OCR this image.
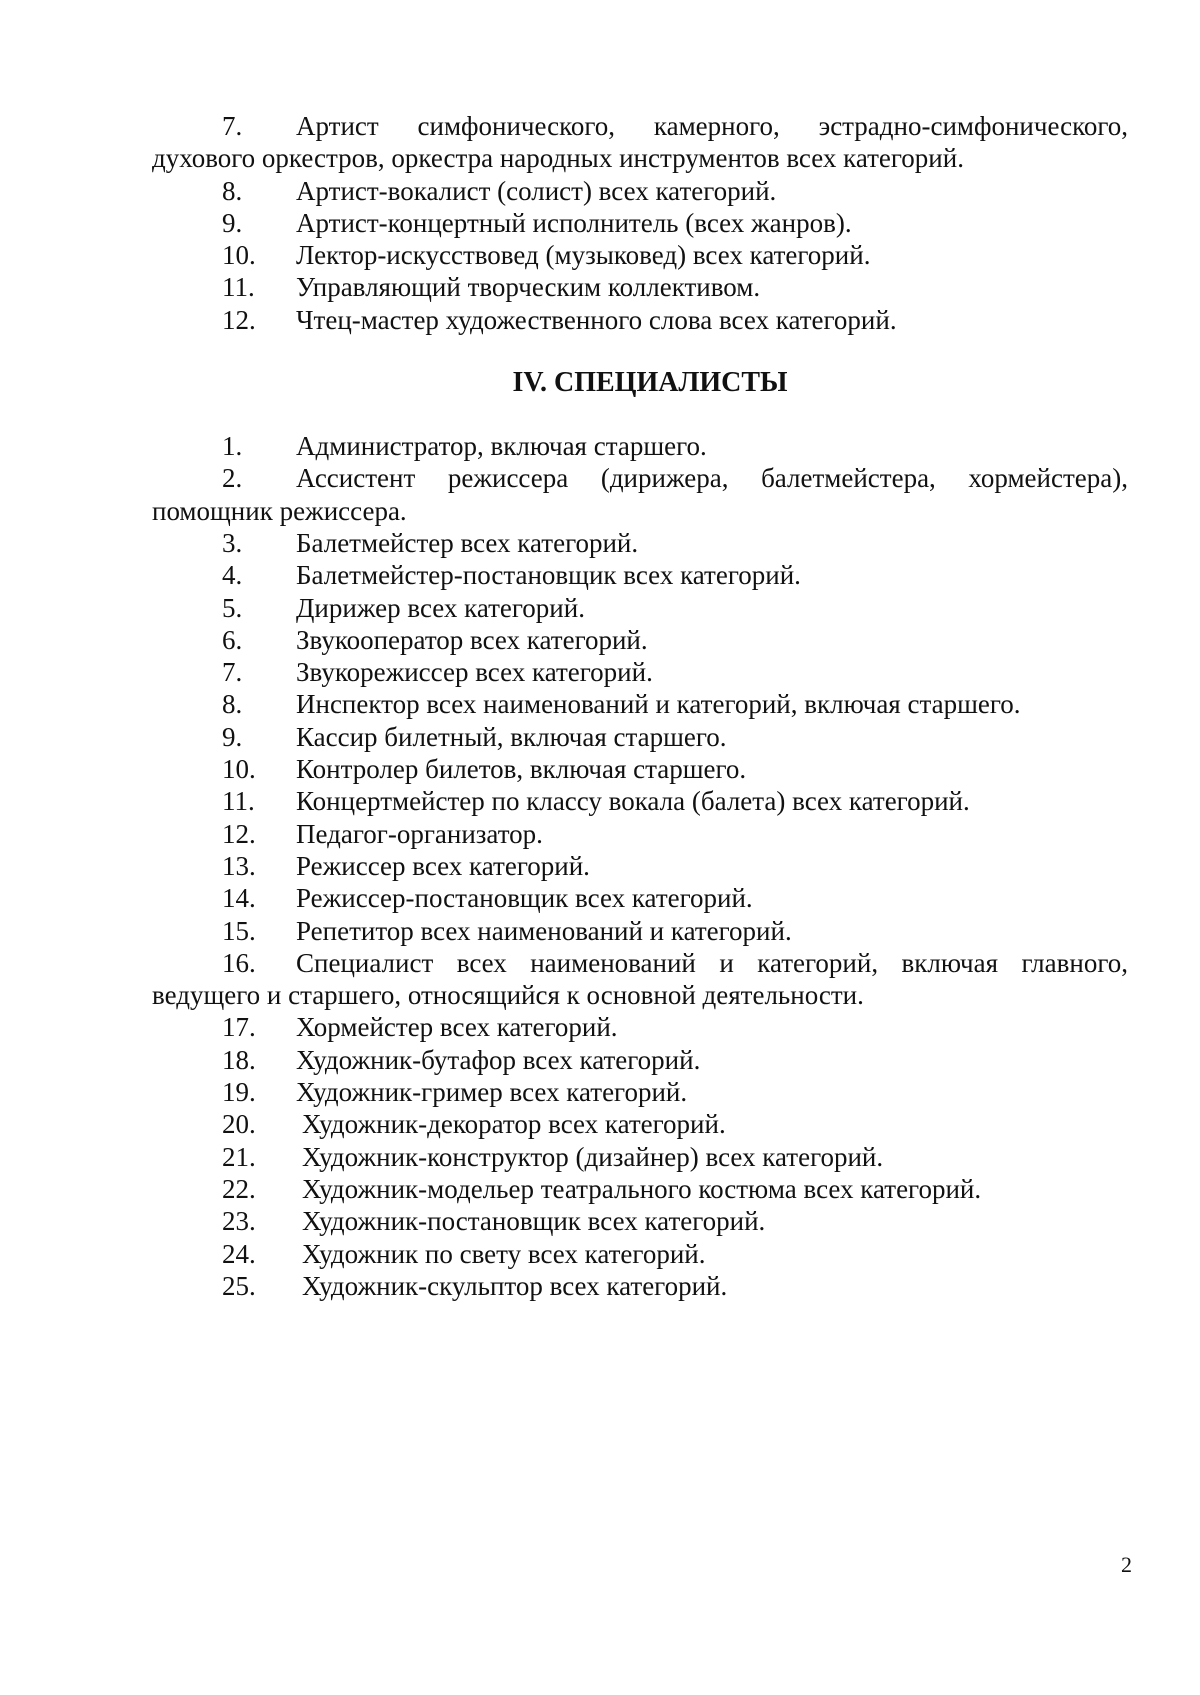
7.	Артист симфонического, камерного, эстрадно-симфонического,
духового оркестров, оркестра народных инструментов всех категорий.
8.	Артист-вокалист (солист) всех категорий.
9.	Артист-концертный исполнитель (всех жанров).
10.	Лектор-искусствовед (музыковед) всех категорий.
11.	Управляющий творческим коллективом.
12.	Чтец-мастер художественного слова всех категорий.
IV. СПЕЦИАЛИСТЫ
1.	Администратор, включая старшего.
2.	Ассистент режиссера (дирижера, балетмейстера, хормейстера),
помощник режиссера.
3.	Балетмейстер всех категорий.
4.	Балетмейстер-постановщик всех категорий.
5.	Дирижер всех категорий.
6.	Звукооператор всех категорий.
7.	Звукорежиссер всех категорий.
8.	Инспектор всех наименований и категорий, включая старшего.
9.	Кассир билетный, включая старшего.
10.	Контролер билетов, включая старшего.
11.	Концертмейстер по классу вокала (балета) всех категорий.
12.	Педагог-организатор.
13.	Режиссер всех категорий.
14.	Режиссер-постановщик всех категорий.
15.	Репетитор всех наименований и категорий.
16.	Специалист всех наименований и категорий, включая главного,
ведущего и старшего, относящийся к основной деятельности.
17.	Хормейстер всех категорий.
18.	Художник-бутафор всех категорий.
19.	Художник-гример всех категорий.
20.	Художник-декоратор всех категорий.
21.	Художник-конструктор (дизайнер) всех категорий.
22.	Художник-модельер театрального костюма всех категорий.
23.	Художник-постановщик всех категорий.
24.	Художник по свету всех категорий.
25.	Художник-скульптор всех категорий.
2
